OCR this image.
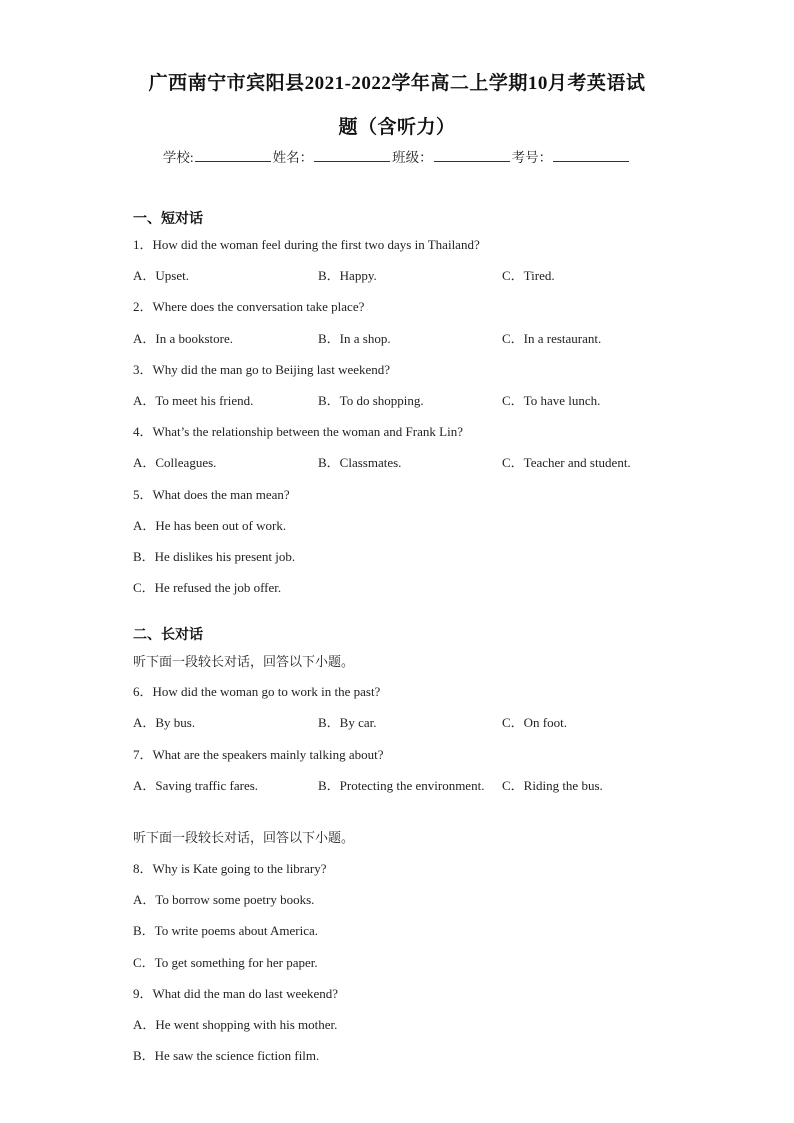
广西南宁市宾阳县2021-2022学年高二上学期10月考英语试
题（含听力）
学校:	姓名：	班级：	考号：
一、短对话
1．How did the woman feel during the first two days in Thailand?
A．Upset.	B．Happy.	C．Tired.
2．Where does the conversation take place?
A．In a bookstore.	B．In a shop.	C．In a restaurant.
3．Why did the man go to Beijing last weekend?
A．To meet his friend.	B．To do shopping.	C．To have lunch.
4．What’s the relationship between the woman and Frank Lin?
A．Colleagues.	B．Classmates.	C．Teacher and student.
5．What does the man mean?
A．He has been out of work.
B．He dislikes his present job.
C．He refused the job offer.
二、长对话
听下面一段较长对话，回答以下小题。
6．How did the woman go to work in the past?
A．By bus.	B．By car.	C．On foot.
7．What are the speakers mainly talking about?
A．Saving traffic fares.	B．Protecting the environment. C．Riding the bus.
听下面一段较长对话，回答以下小题。
8．Why is Kate going to the library?
A．To borrow some poetry books.
B．To write poems about America.
C．To get something for her paper.
9．What did the man do last weekend?
A．He went shopping with his mother.
B．He saw the science fiction film.
